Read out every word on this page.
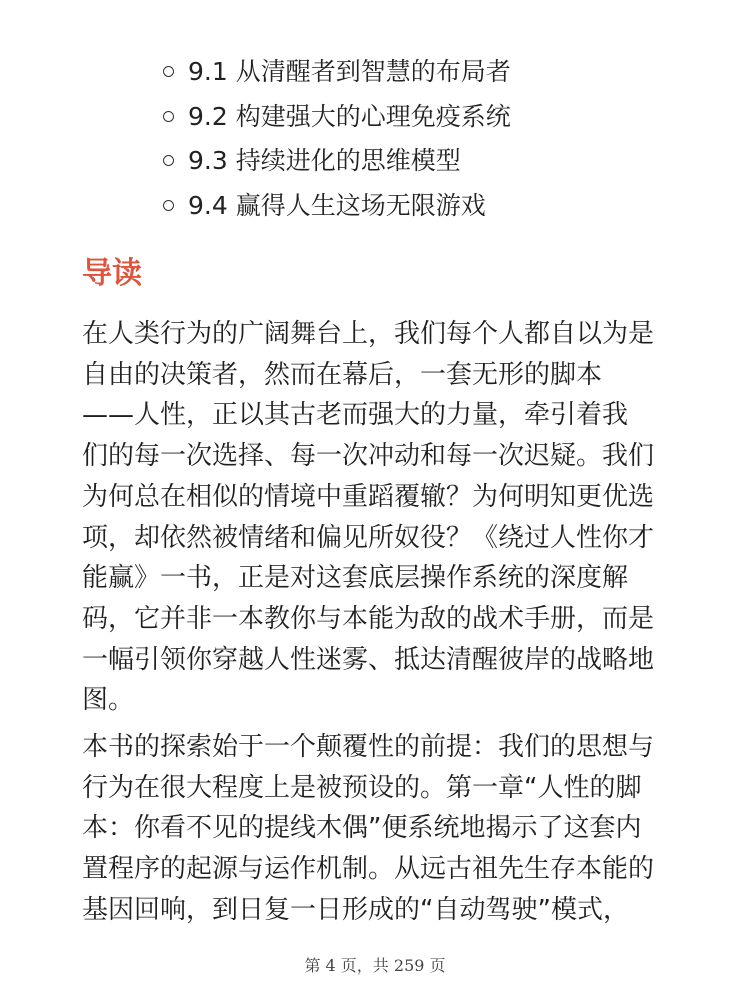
9.1 从清醒者到智慧的布局者
9.2 构建强大的心理免疫系统
9.3 持续进化的思维模型
9.4 赢得人生这场无限游戏
导读

在人类行为的广阔舞台上，我们每个人都自以为是
自由的决策者，然而在幕后，一套无形的脚本
——人性，正以其古老而强大的力量，牵引着我
们的每一次选择、每一次冲动和每一次迟疑。我们
为何总在相似的情境中重蹈覆辙？为何明知更优选
项，却依然被情绪和偏见所奴役？《绕过人性你才
能赢》一书，正是对这套底层操作系统的深度解
码，它并非一本教你与本能为敌的战术手册，而是
一幅引领你穿越人性迷雾、抵达清醒彼岸的战略地
图。

本书的探索始于一个颠覆性的前提：我们的思想与
行为在很大程度上是被预设的。第一章“人性的脚
本：你看不见的提线木偶”便系统地揭示了这套内
置程序的起源与运作机制。从远古祖先生存本能的
基因回响，到日复一日形成的“自动驾驶”模式，

第 4 页，共 259 页
